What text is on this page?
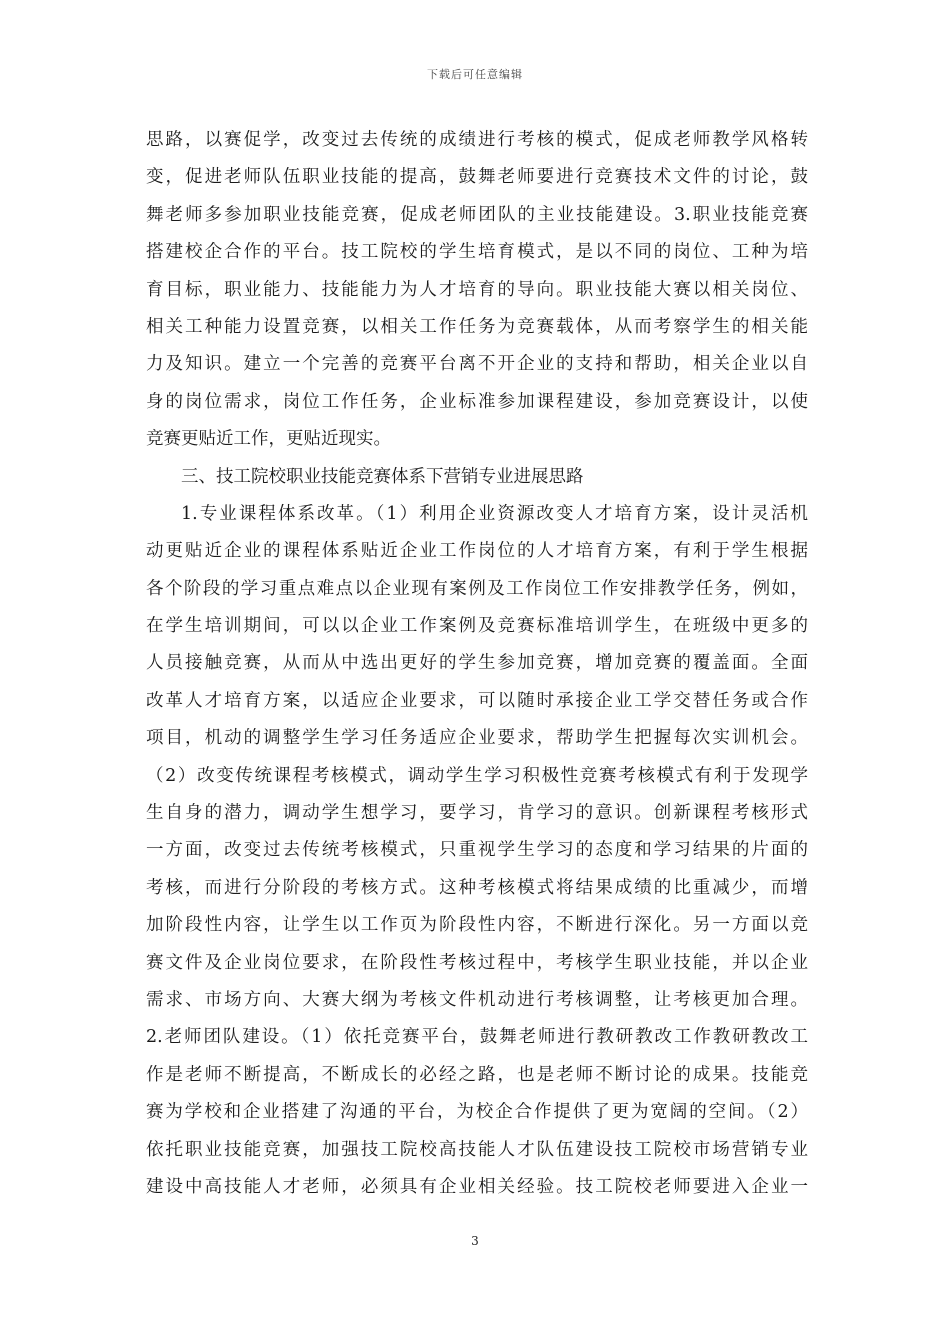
下载后可任意编辑
思路，以赛促学，改变过去传统的成绩进行考核的模式，促成老师教学风格转
变，促进老师队伍职业技能的提高，鼓舞老师要进行竞赛技术文件的讨论，鼓
舞老师多参加职业技能竞赛，促成老师团队的主业技能建设。3.职业技能竞赛
搭建校企合作的平台。技工院校的学生培育模式，是以不同的岗位、工种为培
育目标，职业能力、技能能力为人才培育的导向。职业技能大赛以相关岗位、
相关工种能力设置竞赛，以相关工作任务为竞赛载体，从而考察学生的相关能
力及知识。建立一个完善的竞赛平台离不开企业的支持和帮助，相关企业以自
身的岗位需求，岗位工作任务，企业标准参加课程建设，参加竞赛设计，以使
竞赛更贴近工作，更贴近现实。
三、技工院校职业技能竞赛体系下营销专业进展思路
1.专业课程体系改革。（1）利用企业资源改变人才培育方案，设计灵活机
动更贴近企业的课程体系贴近企业工作岗位的人才培育方案，有利于学生根据
各个阶段的学习重点难点以企业现有案例及工作岗位工作安排教学任务，例如，
在学生培训期间，可以以企业工作案例及竞赛标准培训学生，在班级中更多的
人员接触竞赛，从而从中选出更好的学生参加竞赛，增加竞赛的覆盖面。全面
改革人才培育方案，以适应企业要求，可以随时承接企业工学交替任务或合作
项目，机动的调整学生学习任务适应企业要求，帮助学生把握每次实训机会。
（2）改变传统课程考核模式，调动学生学习积极性竞赛考核模式有利于发现学
生自身的潜力，调动学生想学习，要学习，肯学习的意识。创新课程考核形式
一方面，改变过去传统考核模式，只重视学生学习的态度和学习结果的片面的
考核，而进行分阶段的考核方式。这种考核模式将结果成绩的比重减少，而增
加阶段性内容，让学生以工作页为阶段性内容，不断进行深化。另一方面以竞
赛文件及企业岗位要求，在阶段性考核过程中，考核学生职业技能，并以企业
需求、市场方向、大赛大纲为考核文件机动进行考核调整，让考核更加合理。
2.老师团队建设。（1）依托竞赛平台，鼓舞老师进行教研教改工作教研教改工
作是老师不断提高，不断成长的必经之路，也是老师不断讨论的成果。技能竞
赛为学校和企业搭建了沟通的平台，为校企合作提供了更为宽阔的空间。（2）
依托职业技能竞赛，加强技工院校高技能人才队伍建设技工院校市场营销专业
建设中高技能人才老师，必须具有企业相关经验。技工院校老师要进入企业一
3
